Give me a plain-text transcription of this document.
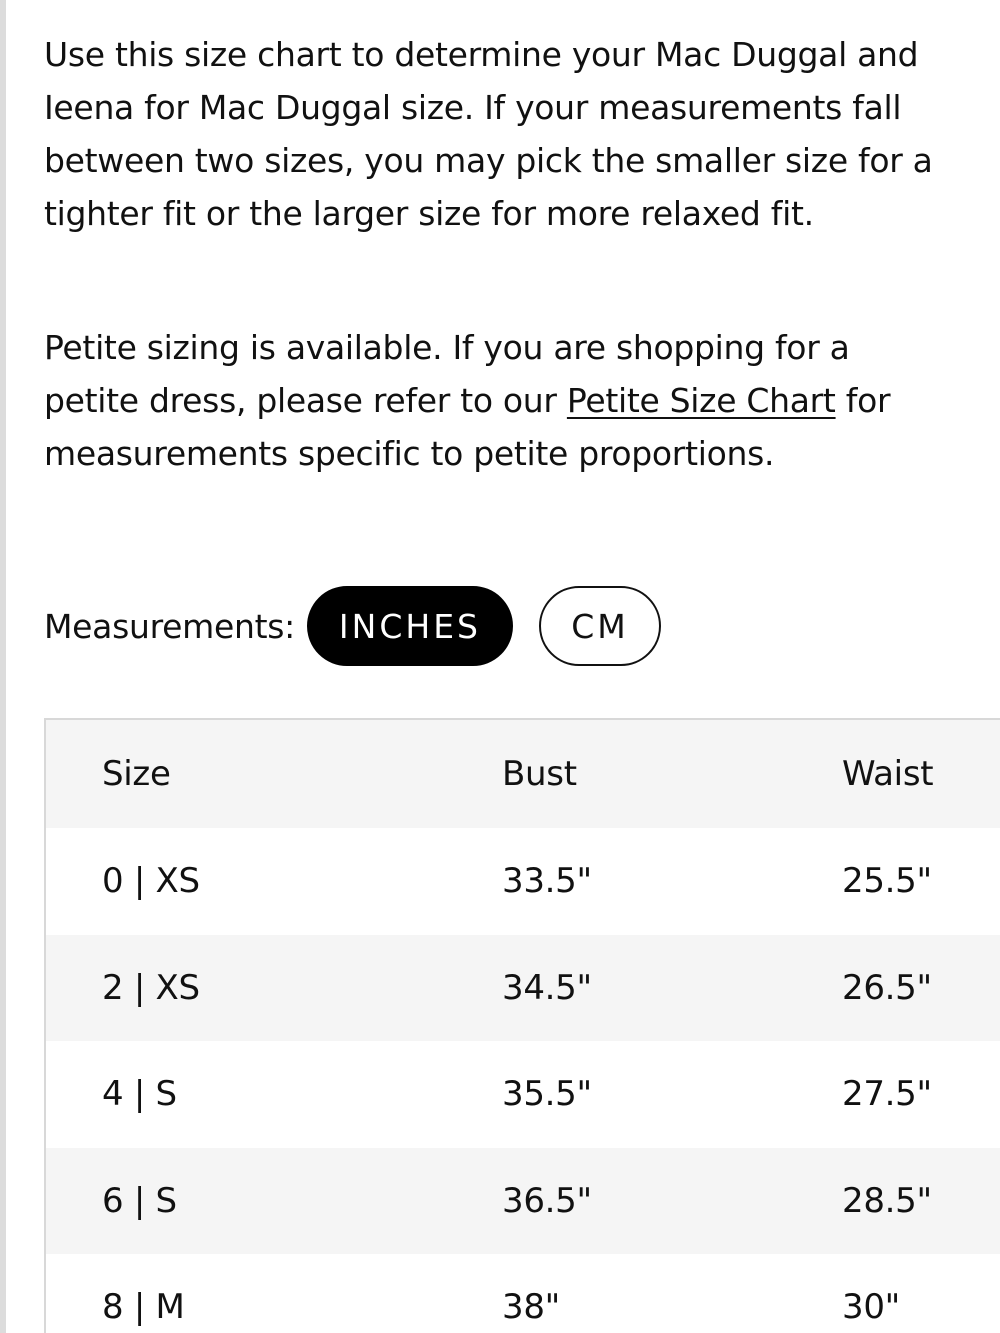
Use this size chart to determine your Mac Duggal and Ieena for Mac Duggal size. If your measurements fall between two sizes, you may pick the smaller size for a tighter fit or the larger size for more relaxed fit.

Petite sizing is available. If you are shopping for a petite dress, please refer to our Petite Size Chart for measurements specific to petite proportions.

Measurements:	INCHES	CM
Size	Bust	Waist
0 | XS	33.5"	25.5"
2 | XS	34.5"	26.5"
4 | S	35.5"	27.5"
6 | S	36.5"	28.5"
8 | M	38"	30"
